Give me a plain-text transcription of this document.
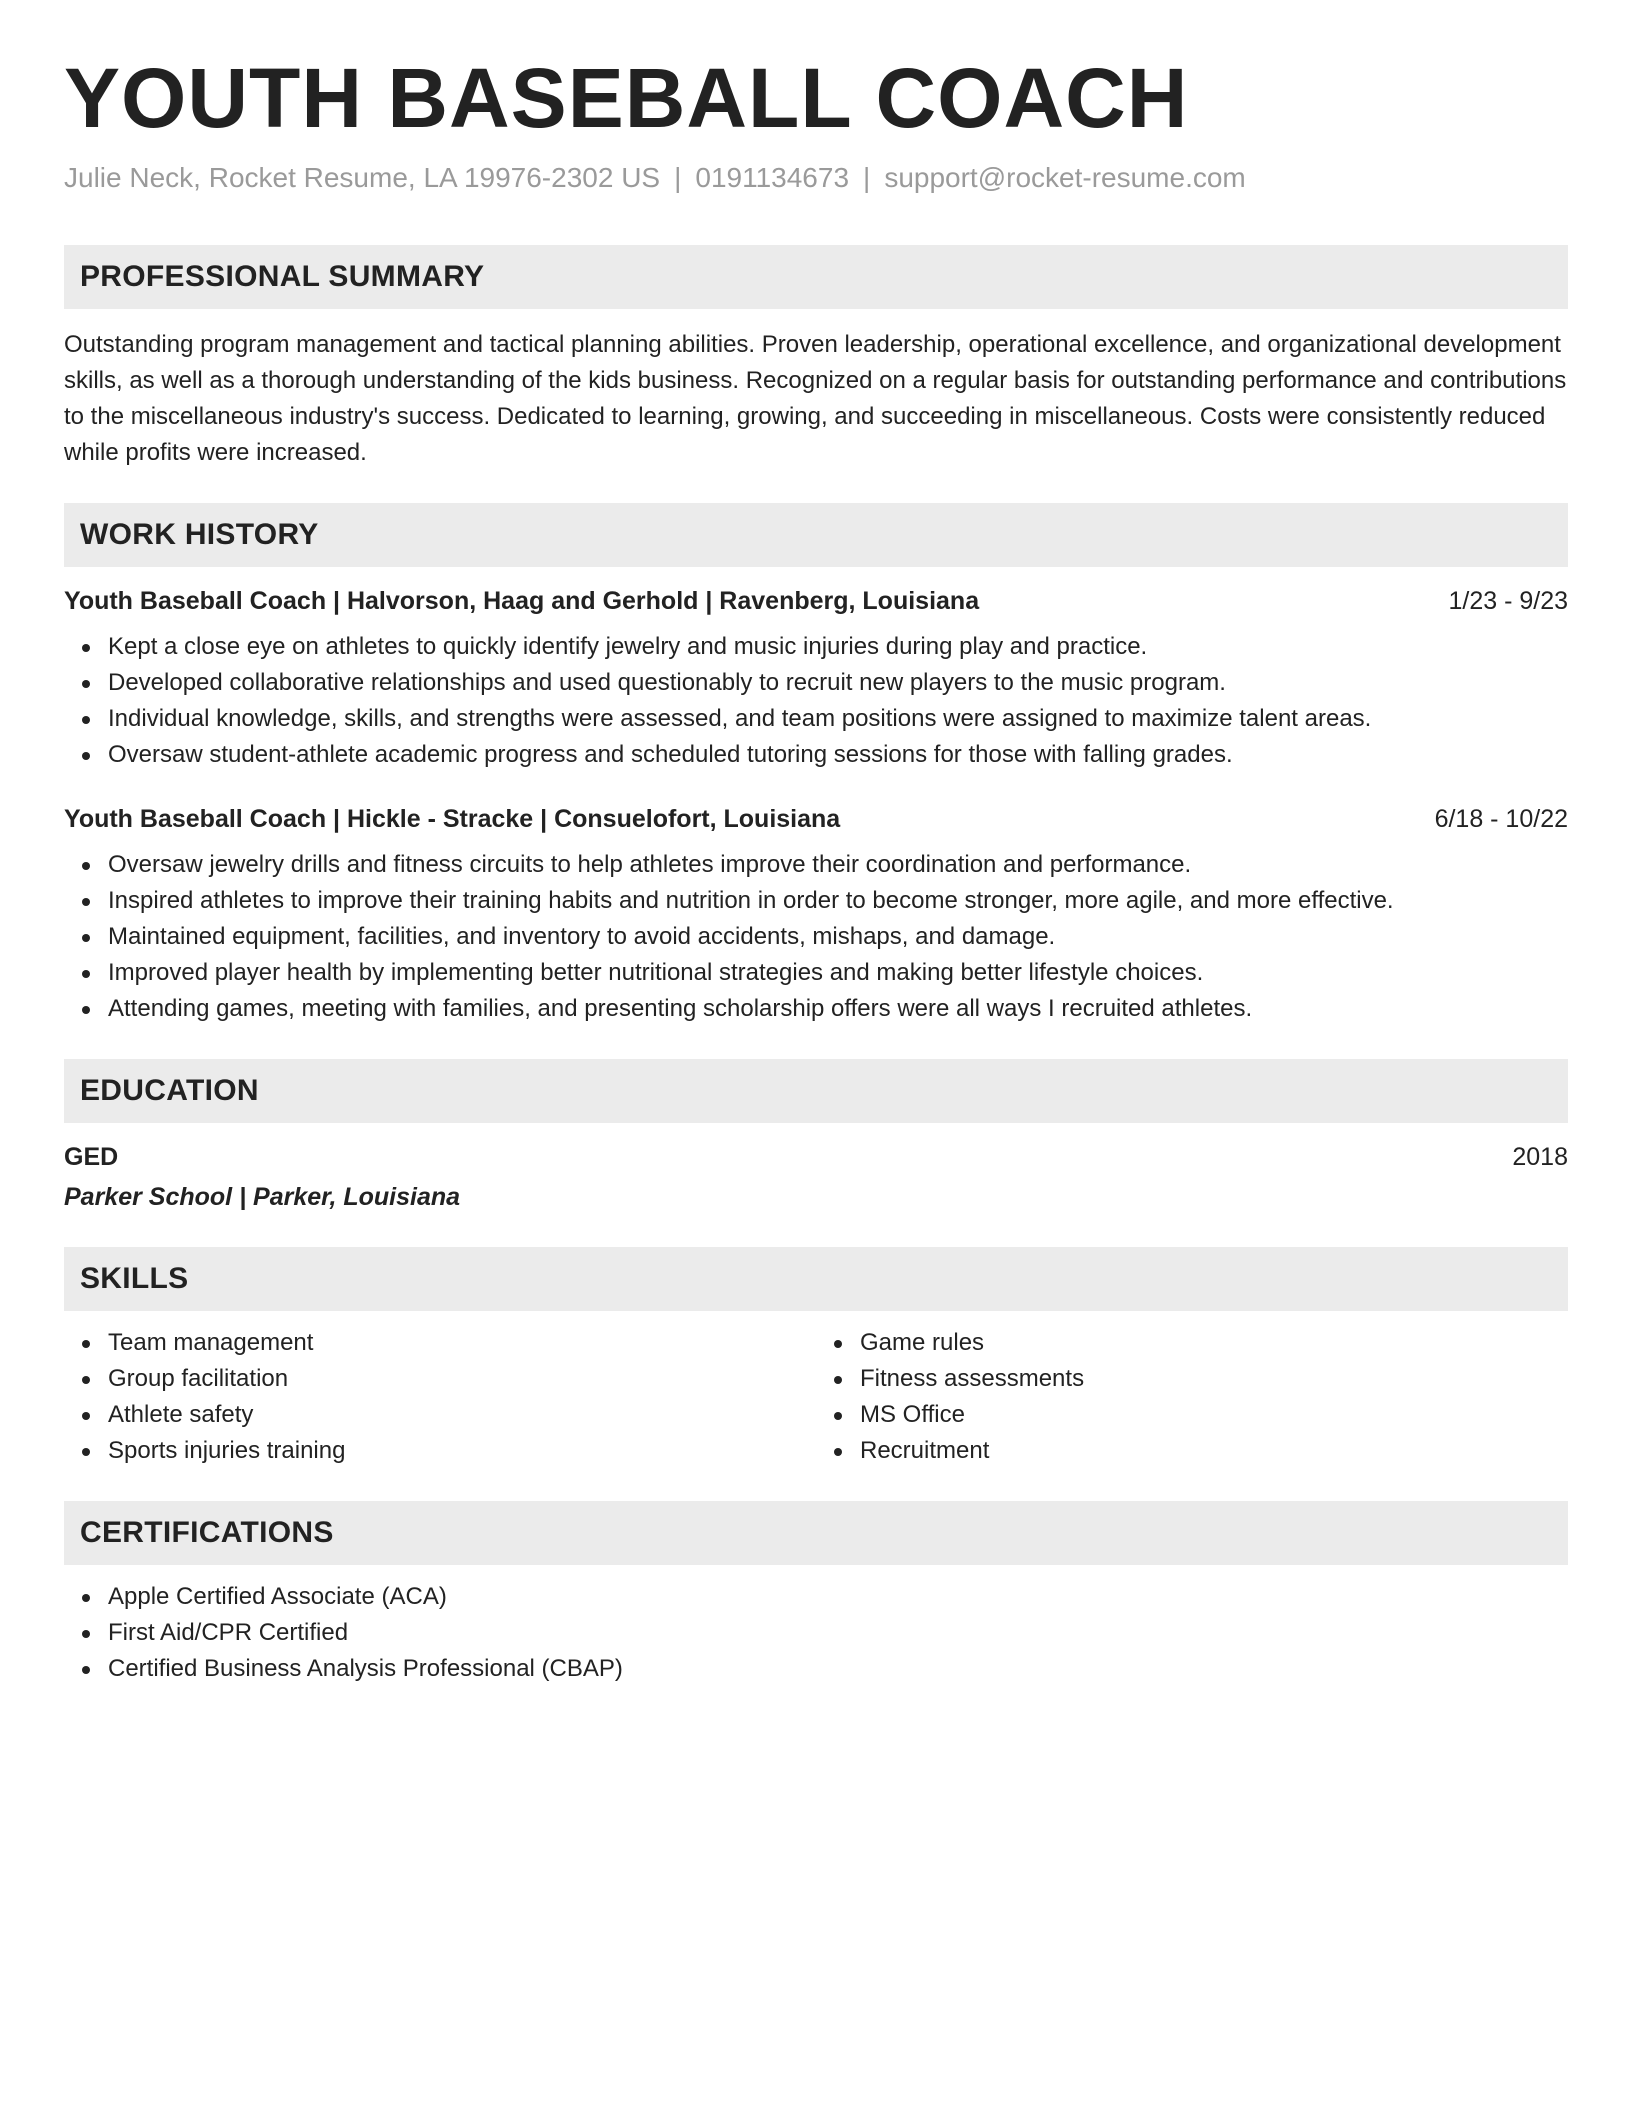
YOUTH BASEBALL COACH
Julie Neck, Rocket Resume, LA 19976-2302 US | 0191134673 | support@rocket-resume.com
PROFESSIONAL SUMMARY

Outstanding program management and tactical planning abilities. Proven leadership, operational excellence, and organizational development skills, as well as a thorough understanding of the kids business. Recognized on a regular basis for outstanding performance and contributions to the miscellaneous industry's success. Dedicated to learning, growing, and succeeding in miscellaneous. Costs were consistently reduced while profits were increased.

WORK HISTORY
Youth Baseball Coach | Halvorson, Haag and Gerhold | Ravenberg, Louisiana	1/23 - 9/23
Kept a close eye on athletes to quickly identify jewelry and music injuries during play and practice.
Developed collaborative relationships and used questionably to recruit new players to the music program.
Individual knowledge, skills, and strengths were assessed, and team positions were assigned to maximize talent areas.
Oversaw student-athlete academic progress and scheduled tutoring sessions for those with falling grades.
Youth Baseball Coach | Hickle - Stracke | Consuelofort, Louisiana	6/18 - 10/22
Oversaw jewelry drills and fitness circuits to help athletes improve their coordination and performance.
Inspired athletes to improve their training habits and nutrition in order to become stronger, more agile, and more effective.
Maintained equipment, facilities, and inventory to avoid accidents, mishaps, and damage.
Improved player health by implementing better nutritional strategies and making better lifestyle choices.
Attending games, meeting with families, and presenting scholarship offers were all ways I recruited athletes.
EDUCATION
GED	2018
Parker School | Parker, Louisiana
SKILLS
Team management
Group facilitation
Athlete safety
Sports injuries training
Game rules
Fitness assessments
MS Office
Recruitment
CERTIFICATIONS
Apple Certified Associate (ACA)
First Aid/CPR Certified
Certified Business Analysis Professional (CBAP)
